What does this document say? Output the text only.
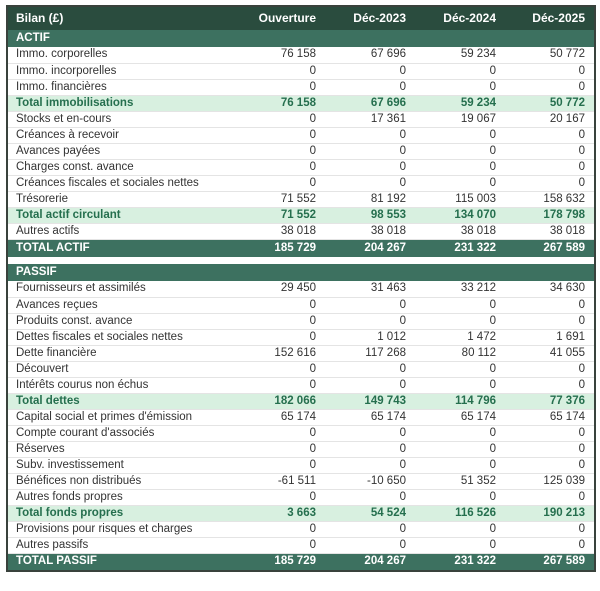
Bilan (£)	Ouverture	Déc-2023	Déc-2024	Déc-2025
ACTIF				
Immo. corporelles	76 158	67 696	59 234	50 772
Immo. incorporelles	0	0	0	0
Immo. financières	0	0	0	0
Total immobilisations	76 158	67 696	59 234	50 772
Stocks et en-cours	0	17 361	19 067	20 167
Créances à recevoir	0	0	0	0
Avances payées	0	0	0	0
Charges const. avance	0	0	0	0
Créances fiscales et sociales nettes	0	0	0	0
Trésorerie	71 552	81 192	115 003	158 632
Total actif circulant	71 552	98 553	134 070	178 798
Autres actifs	38 018	38 018	38 018	38 018
TOTAL ACTIF	185 729	204 267	231 322	267 589

PASSIF				
Fournisseurs et assimilés	29 450	31 463	33 212	34 630
Avances reçues	0	0	0	0
Produits const. avance	0	0	0	0
Dettes fiscales et sociales nettes	0	1 012	1 472	1 691
Dette financière	152 616	117 268	80 112	41 055
Découvert	0	0	0	0
Intérêts courus non échus	0	0	0	0
Total dettes	182 066	149 743	114 796	77 376
Capital social et primes d'émission	65 174	65 174	65 174	65 174
Compte courant d'associés	0	0	0	0
Réserves	0	0	0	0
Subv. investissement	0	0	0	0
Bénéfices non distribués	-61 511	-10 650	51 352	125 039
Autres fonds propres	0	0	0	0
Total fonds propres	3 663	54 524	116 526	190 213
Provisions pour risques et charges	0	0	0	0
Autres passifs	0	0	0	0
TOTAL PASSIF	185 729	204 267	231 322	267 589
